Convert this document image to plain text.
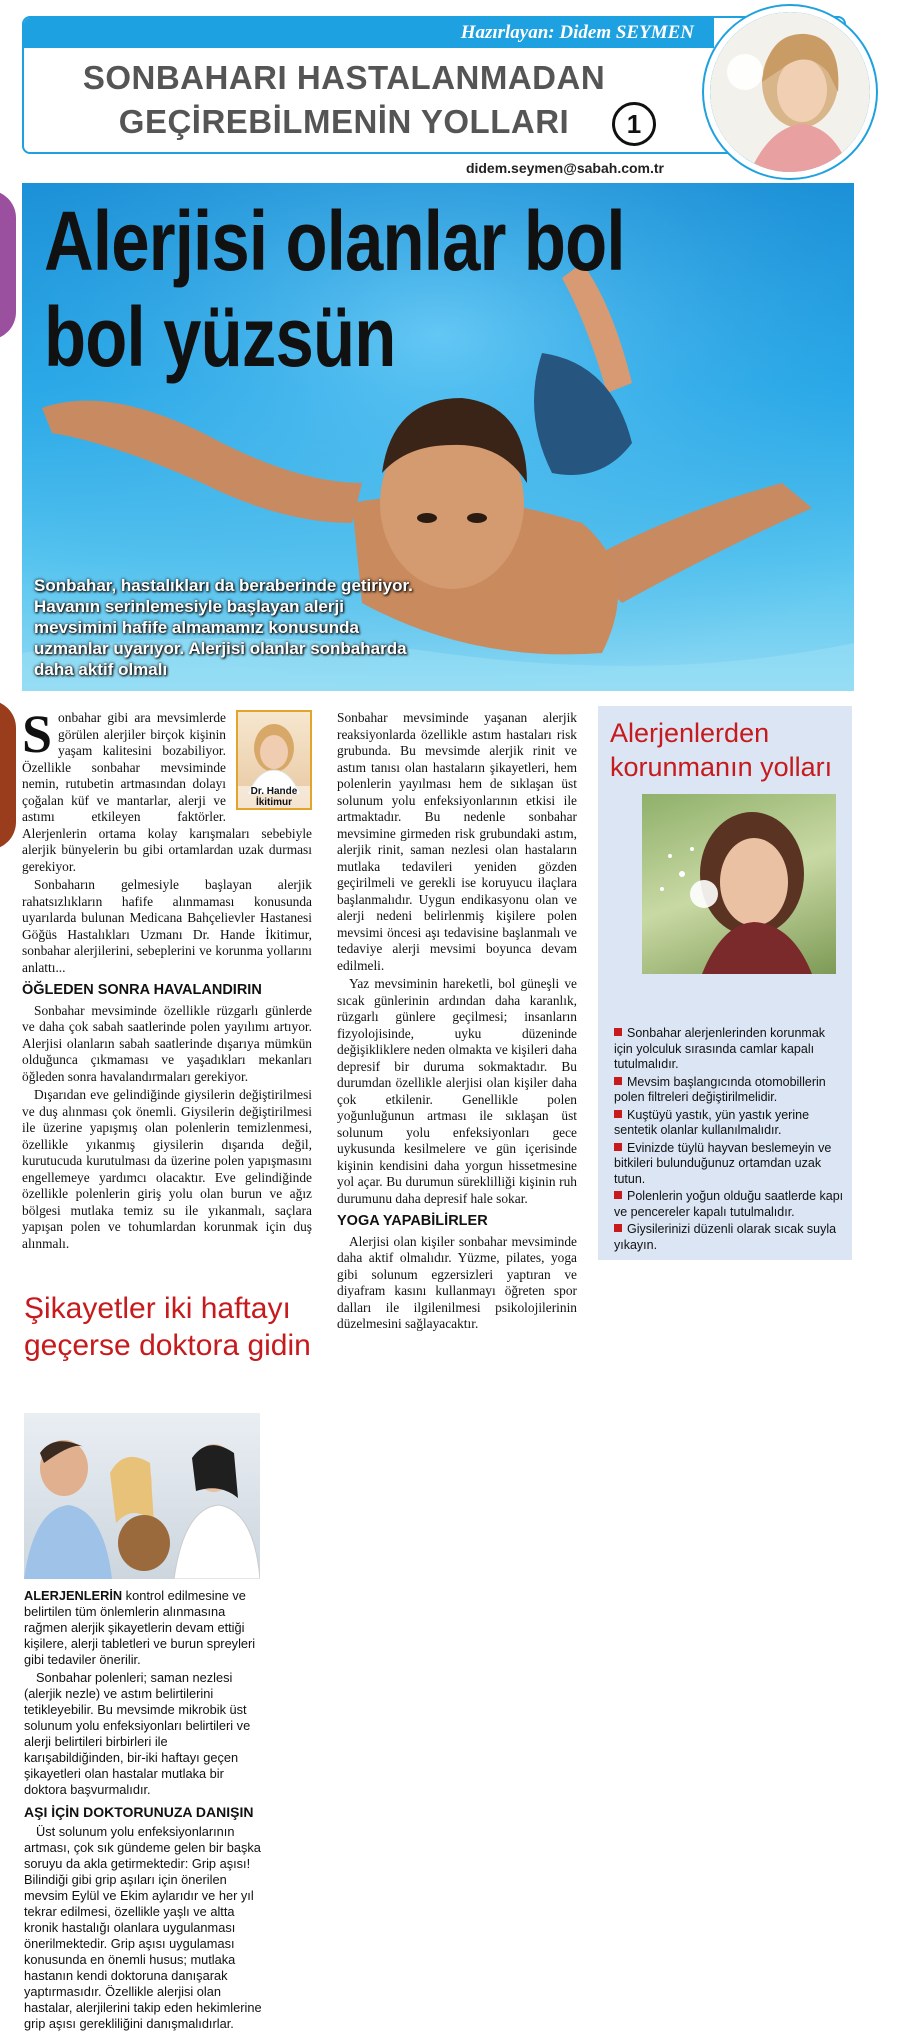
Hazırlayan: Didem SEYMEN
SONBAHARI HASTALANMADAN GEÇİREBİLMENİN YOLLARI	1
didem.seymen@sabah.com.tr
Alerjisi olanlar bol bol yüzsün
Sonbahar, hastalıkları da beraberinde getiriyor. Havanın serinlemesiyle başlayan alerji mevsimini hafife almamamız konusunda uzmanlar uyarıyor. Alerjisi olanlar sonbaharda daha aktif olmalı
Dr. Hande İkitimur

Sonbahar gibi ara mevsimlerde görülen alerjiler birçok kişinin yaşam kalitesini bozabiliyor. Özellikle sonbahar mevsiminde nemin, rutubetin artmasından dolayı çoğalan küf ve mantarlar, alerji ve astımı etkileyen faktörler. Alerjenlerin ortama kolay karışmaları sebebiyle alerjik bünyelerin bu gibi ortamlardan uzak durması gerekiyor.

Sonbaharın gelmesiyle başlayan alerjik rahatsızlıkların hafife alınmaması konusunda uyarılarda bulunan Medicana Bahçelievler Hastanesi Göğüs Hastalıkları Uzmanı Dr. Hande İkitimur, sonbahar alerjilerini, sebeplerini ve korunma yollarını anlattı...

ÖĞLEDEN SONRA HAVALANDIRIN

Sonbahar mevsiminde özellikle rüzgarlı günlerde ve daha çok sabah saatlerinde polen yayılımı artıyor. Alerjisi olanların sabah saatlerinde dışarıya mümkün olduğunca çıkmaması ve yaşadıkları mekanları öğleden sonra havalandırmaları gerekiyor.

Dışarıdan eve gelindiğinde giysilerin değiştirilmesi ve duş alınması çok önemli. Giysilerin değiştirilmesi ile üzerine yapışmış olan polenlerin temizlenmesi, özellikle yıkanmış giysilerin dışarıda değil, kurutucuda kurutulması da üzerine polen yapışmasını engellemeye yardımcı olacaktır. Eve gelindiğinde özellikle polenlerin giriş yolu olan burun ve ağız bölgesi mutlaka temiz su ile yıkanmalı, saçlara yapışan polen ve tohumlardan korunmak için duş alınmalı.

Sonbahar mevsiminde yaşanan alerjik reaksiyonlarda özellikle astım hastaları risk grubunda. Bu mevsimde alerjik rinit ve astım tanısı olan hastaların şikayetleri, hem polenlerin yayılması hem de sıklaşan üst solunum yolu enfeksiyonlarının etkisi ile artmaktadır. Bu nedenle sonbahar mevsimine girmeden risk grubundaki astım, alerjik rinit, saman nezlesi olan hastaların mutlaka tedavileri yeniden gözden geçirilmeli ve gerekli ise koruyucu ilaçlara başlanmalıdır. Uygun endikasyonu olan ve alerji nedeni belirlenmiş kişilere polen mevsimi öncesi aşı tedavisine başlanmalı ve tedaviye alerji mevsimi boyunca devam edilmeli.

Yaz mevsiminin hareketli, bol güneşli ve sıcak günlerinin ardından daha karanlık, rüzgarlı günlere geçilmesi; insanların fizyolojisinde, uyku düzeninde değişikliklere neden olmakta ve kişileri daha depresif bir duruma sokmaktadır. Bu durumdan özellikle alerjisi olan kişiler daha çok etkilenir. Genellikle polen yoğunluğunun artması ile sıklaşan üst solunum yolu enfeksiyonları gece uykusunda kesilmelere ve gün içerisinde kişinin kendisini daha yorgun hissetmesine yol açar. Bu durumun süreklilliği kişinin ruh durumunu daha depresif hale sokar.

YOGA YAPABİLİRLER

Alerjisi olan kişiler sonbahar mevsiminde daha aktif olmalıdır. Yüzme, pilates, yoga gibi solunum egzersizleri yaptıran ve diyafram kasını kullanmayı öğreten spor dalları ile ilgilenilmesi psikolojilerinin düzelmesini sağlayacaktır.

Alerjenlerden korunmanın yolları
Sonbahar alerjenlerinden korunmak için yolculuk sırasında camlar kapalı tutulmalıdır.
Mevsim başlangıcında otomobillerin polen filtreleri değiştirilmelidir.
Kuştüyü yastık, yün yastık yerine sentetik olanlar kullanılmalıdır.
Evinizde tüylü hayvan beslemeyin ve bitkileri bulunduğunuz ortamdan uzak tutun.
Polenlerin yoğun olduğu saatlerde kapı ve pencereler kapalı tutulmalıdır.
Giysilerinizi düzenli olarak sıcak suyla yıkayın.
Şikayetler iki haftayı geçerse doktora gidin

ALERJENLERİN kontrol edilmesine ve belirtilen tüm önlemlerin alınmasına rağmen alerjik şikayetlerin devam ettiği kişilere, alerji tabletleri ve burun spreyleri gibi tedaviler önerilir.

Sonbahar polenleri; saman nezlesi (alerjik nezle) ve astım belirtilerini tetikleyebilir. Bu mevsimde mikrobik üst solunum yolu enfeksiyonları belirtileri ve alerji belirtileri birbirleri ile karışabildiğinden, bir-iki haftayı geçen şikayetleri olan hastalar mutlaka bir doktora başvurmalıdır.

AŞI İÇİN DOKTORUNUZA DANIŞIN

Üst solunum yolu enfeksiyonlarının artması, çok sık gündeme gelen bir başka soruyu da akla getirmektedir: Grip aşısı! Bilindiği gibi grip aşıları için önerilen mevsim Eylül ve Ekim aylarıdır ve her yıl tekrar edilmesi, özellikle yaşlı ve altta kronik hastalığı olanlara uygulanması önerilmektedir. Grip aşısı uygulaması konusunda en önemli husus; mutlaka hastanın kendi doktoruna danışarak yaptırmasıdır. Özellikle alerjisi olan hastalar, alerjilerini takip eden hekimlerine grip aşısı gerekliliğini danışmalıdırlar.
